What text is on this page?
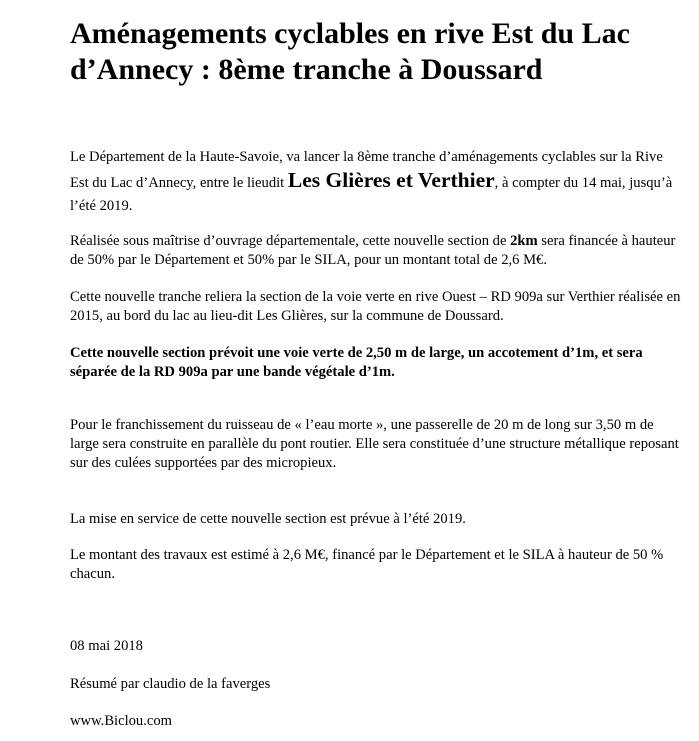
Aménagements cyclables en rive Est du Lac d’Annecy : 8ème tranche à Doussard

Le Département de la Haute-Savoie, va lancer la 8ème tranche d’aménagements cyclables sur la Rive Est du Lac d’Annecy, entre le lieudit Les Glières et Verthier, à compter du 14 mai, jusqu’à l’été 2019.

Réalisée sous maîtrise d’ouvrage départementale, cette nouvelle section de 2km sera financée à hauteur de 50% par le Département et 50% par le SILA, pour un montant total de 2,6 M€.

Cette nouvelle tranche reliera la section de la voie verte en rive Ouest – RD 909a sur Verthier réalisée en 2015, au bord du lac au lieu-dit Les Glières, sur la commune de Doussard.

Cette nouvelle section prévoit une voie verte de 2,50 m de large, un accotement d’1m, et sera séparée de la RD 909a par une bande végétale d’1m.

Pour le franchissement du ruisseau de « l’eau morte », une passerelle de 20 m de long sur 3,50 m de large sera construite en parallèle du pont routier. Elle sera constituée d’une structure métallique reposant sur des culées supportées par des micropieux.

La mise en service de cette nouvelle section est prévue à l’été 2019.

Le montant des travaux est estimé à 2,6 M€, financé par le Département et le SILA à hauteur de 50 % chacun.

08 mai 2018

Résumé par claudio de la faverges

www.Biclou.com
